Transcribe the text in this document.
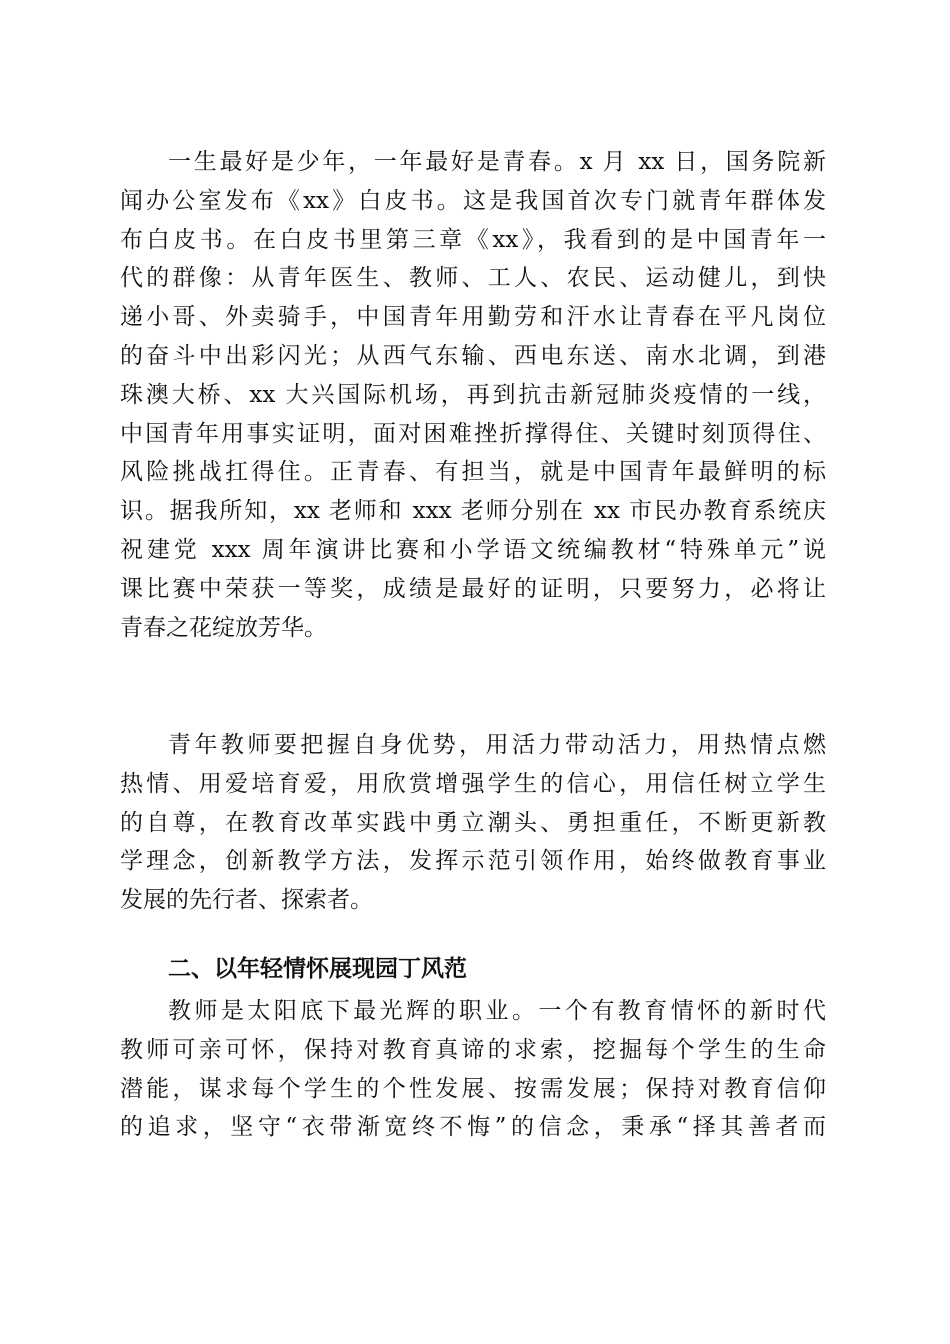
一生最好是少年，一年最好是青春。x 月 xx 日，国务院新
闻办公室发布《xx》白皮书。这是我国首次专门就青年群体发
布白皮书。在白皮书里第三章《xx》，我看到的是中国青年一
代的群像：从青年医生、教师、工人、农民、运动健儿，到快
递小哥、外卖骑手，中国青年用勤劳和汗水让青春在平凡岗位
的奋斗中出彩闪光；从西气东输、西电东送、南水北调，到港
珠澳大桥、xx 大兴国际机场，再到抗击新冠肺炎疫情的一线，
中国青年用事实证明，面对困难挫折撑得住、关键时刻顶得住、
风险挑战扛得住。正青春、有担当，就是中国青年最鲜明的标
识。据我所知，xx 老师和 xxx 老师分别在 xx 市民办教育系统庆
祝建党 xxx 周年演讲比赛和小学语文统编教材“特殊单元”说
课比赛中荣获一等奖，成绩是最好的证明，只要努力，必将让
青春之花绽放芳华。
青年教师要把握自身优势，用活力带动活力，用热情点燃
热情、用爱培育爱，用欣赏增强学生的信心，用信任树立学生
的自尊，在教育改革实践中勇立潮头、勇担重任，不断更新教
学理念，创新教学方法，发挥示范引领作用，始终做教育事业
发展的先行者、探索者。
二、以年轻情怀展现园丁风范
教师是太阳底下最光辉的职业。一个有教育情怀的新时代
教师可亲可怀，保持对教育真谛的求索，挖掘每个学生的生命
潜能，谋求每个学生的个性发展、按需发展；保持对教育信仰
的追求，坚守“衣带渐宽终不悔”的信念，秉承“择其善者而
